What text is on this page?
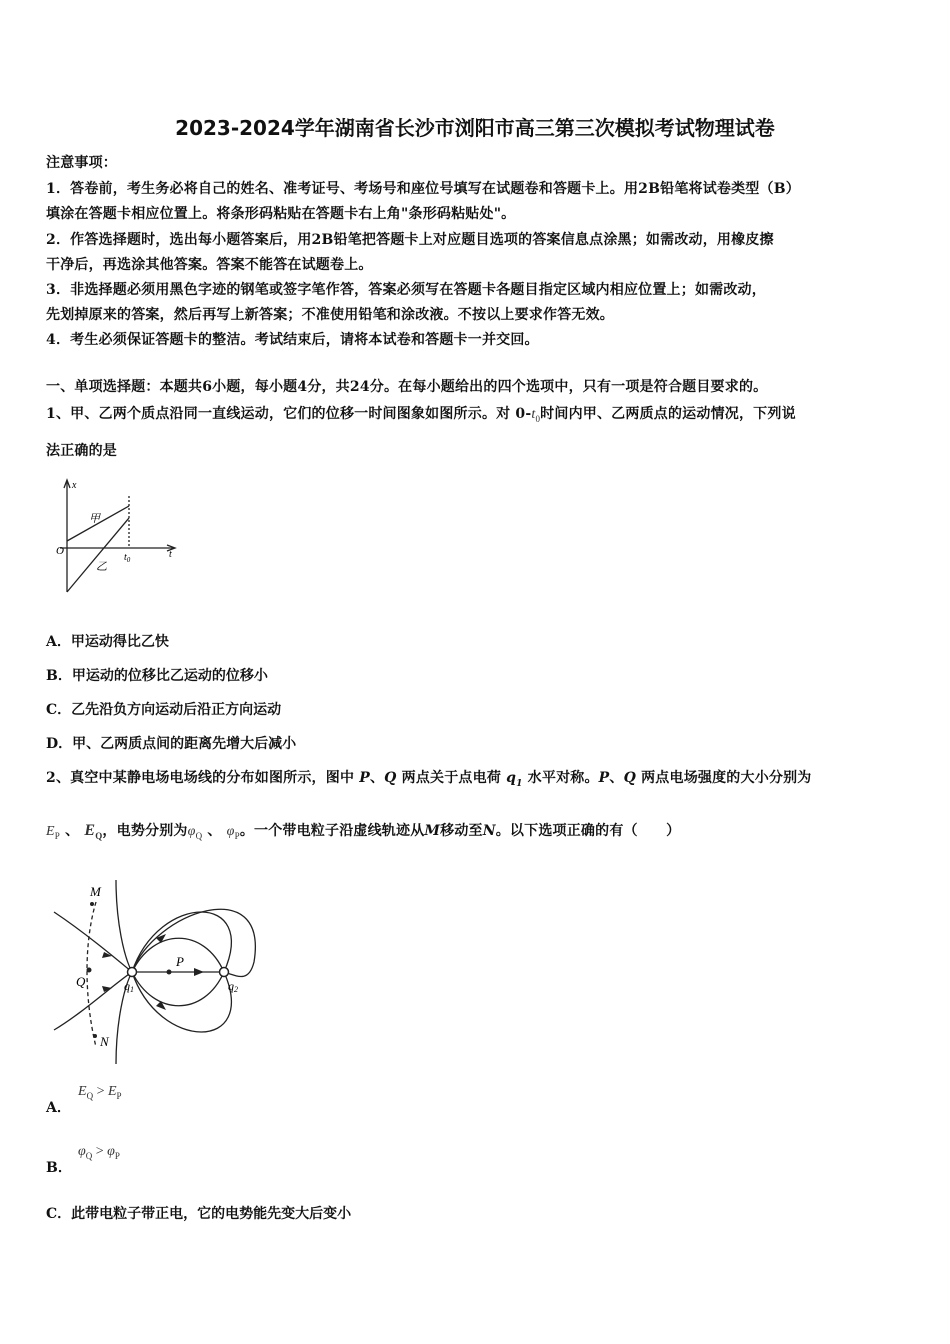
2023-2024学年湖南省长沙市浏阳市高三第三次模拟考试物理试卷
注意事项：
1．答卷前，考生务必将自己的姓名、准考证号、考场号和座位号填写在试题卷和答题卡上。用2B铅笔将试卷类型（B）
填涂在答题卡相应位置上。将条形码粘贴在答题卡右上角"条形码粘贴处"。
2．作答选择题时，选出每小题答案后，用2B铅笔把答题卡上对应题目选项的答案信息点涂黑；如需改动，用橡皮擦
干净后，再选涂其他答案。答案不能答在试题卷上。
3．非选择题必须用黑色字迹的钢笔或签字笔作答，答案必须写在答题卡各题目指定区域内相应位置上；如需改动，
先划掉原来的答案，然后再写上新答案；不准使用铅笔和涂改液。不按以上要求作答无效。
4．考生必须保证答题卡的整洁。考试结束后，请将本试卷和答题卡一并交回。
一、单项选择题：本题共6小题，每小题4分，共24分。在每小题给出的四个选项中，只有一项是符合题目要求的。
1、甲、乙两个质点沿同一直线运动，它们的位移一时间图象如图所示。对 $0-t_0$时间内甲、乙两质点的运动情况，下列说
法正确的是
x
t
O
$t_0$
甲
乙
A．甲运动得比乙快
B．甲运动的位移比乙运动的位移小
C．乙先沿负方向运动后沿正方向运动
D．甲、乙两质点间的距离先增大后减小
2、真空中某静电场电场线的分布如图所示，图中 P、Q 两点关于点电荷 $q_1$ 水平对称。P、Q 两点电场强度的大小分别为
$E_P$ 、 $E_Q$，电势分别为$\varphi_Q$ 、 $\varphi_P$。一个带电粒子沿虚线轨迹从M移动至N。以下选项正确的有（　　）
M
Q
N
P
q1	q2
A．
$E_Q > E_P$
B．
$\varphi_Q > \varphi_P$
C．此带电粒子带正电，它的电势能先变大后变小
